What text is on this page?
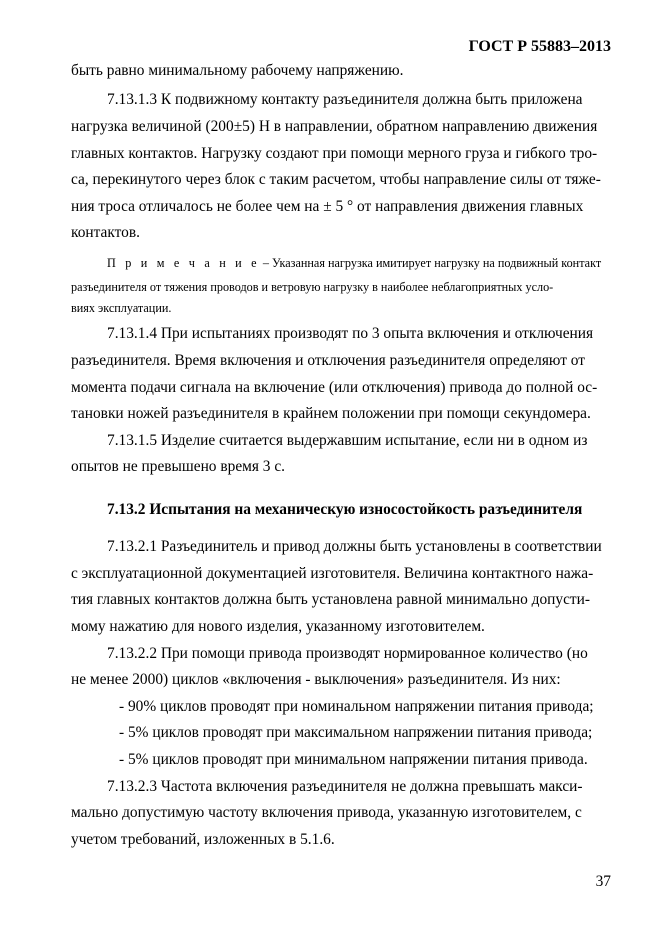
ГОСТ Р 55883–2013
быть равно минимальному рабочему напряжению.
7.13.1.3 К подвижному контакту разъединителя должна быть приложена
нагрузка величиной (200±5) Н в направлении, обратном направлению движения
главных контактов. Нагрузку создают при помощи мерного груза и гибкого тро-
са, перекинутого через блок с таким расчетом, чтобы направление силы от тяже-
ния троса отличалось не более чем на ± 5 ° от направления движения главных
контактов.
П р и м е ч а н и е – Указанная нагрузка имитирует нагрузку на подвижный контакт
разъединителя от тяжения проводов и ветровую нагрузку в наиболее неблагоприятных усло-
виях эксплуатации.
7.13.1.4 При испытаниях производят по 3 опыта включения и отключения
разъединителя. Время включения и отключения разъединителя определяют от
момента подачи сигнала на включение (или отключения) привода до полной ос-
тановки ножей разъединителя в крайнем положении при помощи секундомера.
7.13.1.5 Изделие считается выдержавшим испытание, если ни в одном из
опытов не превышено время 3 с.
7.13.2 Испытания на механическую износостойкость разъединителя
7.13.2.1 Разъединитель и привод должны быть установлены в соответствии
с эксплуатационной документацией изготовителя. Величина контактного нажа-
тия главных контактов должна быть установлена равной минимально допусти-
мому нажатию для нового изделия, указанному изготовителем.
7.13.2.2 При помощи привода производят нормированное количество (но
не менее 2000) циклов «включения - выключения» разъединителя. Из них:
- 90% циклов проводят при номинальном напряжении питания привода;
- 5% циклов проводят при максимальном напряжении питания привода;
- 5% циклов проводят при минимальном напряжении питания привода.
7.13.2.3 Частота включения разъединителя не должна превышать макси-
мально допустимую частоту включения привода, указанную изготовителем, с
учетом требований, изложенных в 5.1.6.
37
